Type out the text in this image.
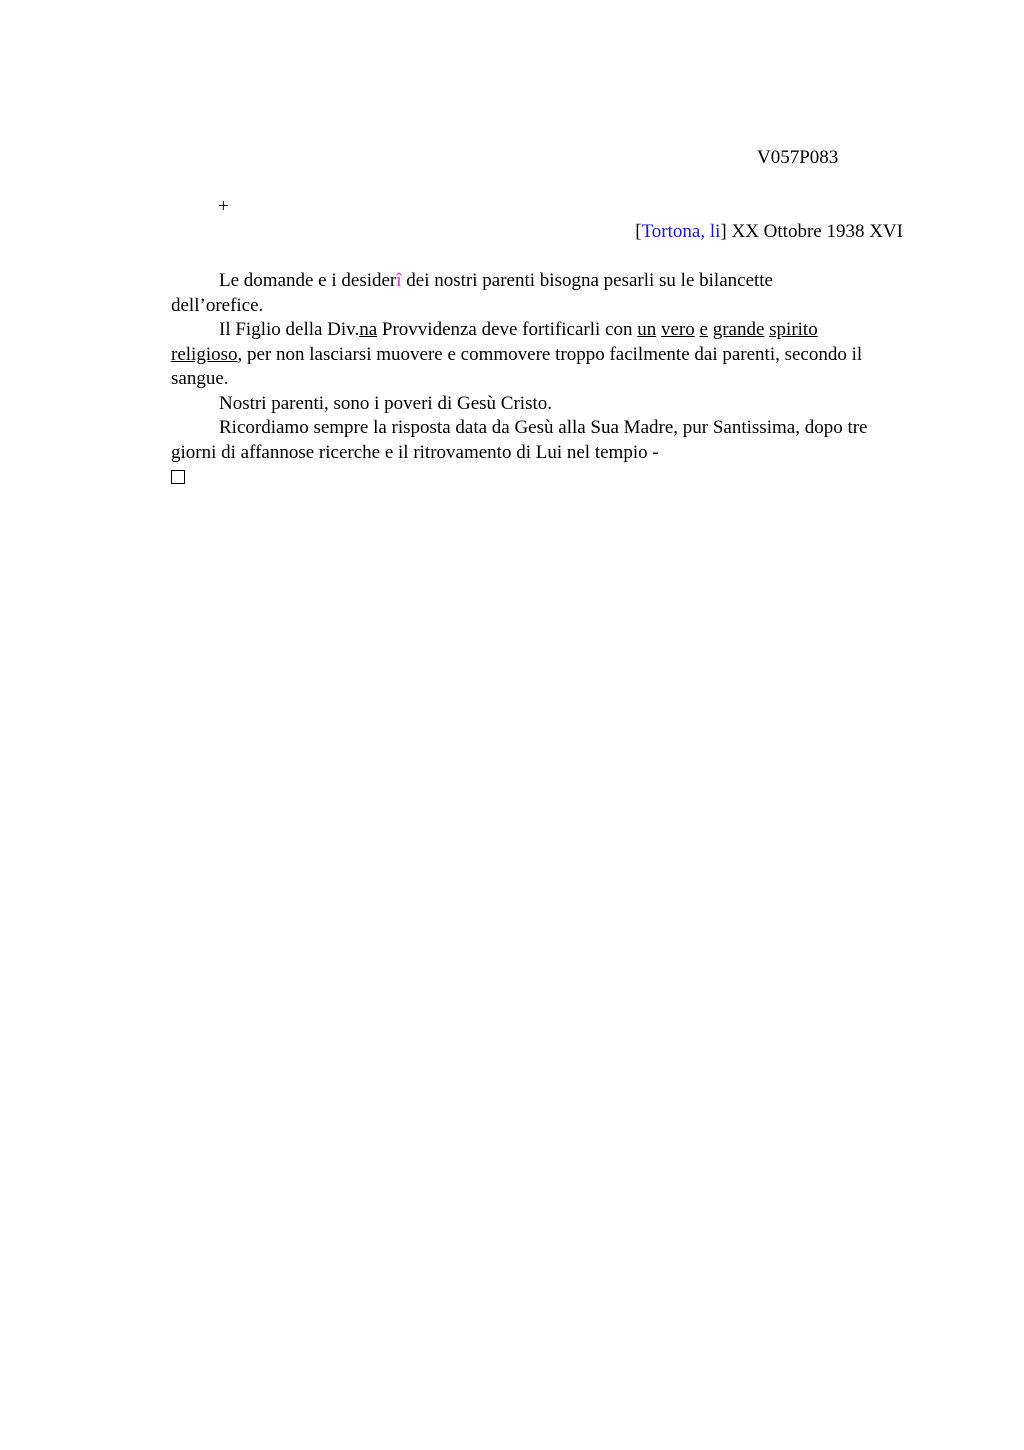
V057P083
+
[Tortona, li] XX Ottobre 1938 XVI

Le domande e i desiderî dei nostri parenti bisogna pesarli su le bilancette dell’orefice.

Il Figlio della Div.na Provvidenza deve fortificarli con un vero e grande spirito religioso, per non lasciarsi muovere e commovere troppo facilmente dai parenti, secondo il sangue.

Nostri parenti, sono i poveri di Gesù Cristo.

Ricordiamo sempre la risposta data da Gesù alla Sua Madre, pur Santissima, dopo tre giorni di affannose ricerche e il ritrovamento di Lui nel tempio -
